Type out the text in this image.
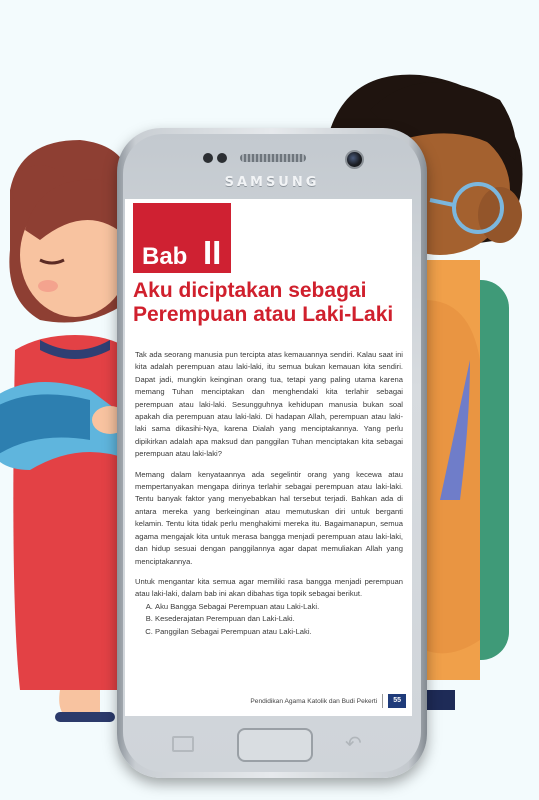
SAMSUNG
Bab II
Aku diciptakan sebagai Perempuan atau Laki-Laki

Tak ada seorang manusia pun tercipta atas kemauannya sendiri. Kalau saat ini kita adalah perempuan atau laki-laki, itu semua bukan kemauan kita sendiri. Dapat jadi, mungkin keinginan orang tua, tetapi yang paling utama karena memang Tuhan menciptakan dan menghendaki kita terlahir sebagai perempuan atau laki-laki. Sesungguhnya kehidupan manusia bukan soal apakah dia perempuan atau laki-laki. Di hadapan Allah, perempuan atau laki-laki sama dikasihi-Nya, karena Dialah yang menciptakannya. Yang perlu dipikirkan adalah apa maksud dan panggilan Tuhan menciptakan kita sebagai perempuan atau laki-laki?

Memang dalam kenyataannya ada segelintir orang yang kecewa atau mempertanyakan mengapa dirinya terlahir sebagai perempuan atau laki-laki. Tentu banyak faktor yang menyebabkan hal tersebut terjadi. Bahkan ada di antara mereka yang berkeinginan atau memutuskan diri untuk berganti kelamin. Tentu kita tidak perlu menghakimi mereka itu. Bagaimanapun, semua agama mengajak kita untuk merasa bangga menjadi perempuan atau laki-laki, dan hidup sesuai dengan panggilannya agar dapat memuliakan Allah yang menciptakannya.

Untuk mengantar kita semua agar memiliki rasa bangga menjadi perempuan atau laki-laki, dalam bab ini akan dibahas tiga topik sebagai berikut.

A. Aku Bangga Sebagai Perempuan atau Laki-Laki.
B. Kesederajatan Perempuan dan Laki-Laki.
C. Panggilan Sebagai Perempuan atau Laki-Laki.
Pendidikan Agama Katolik dan Budi Pekerti	55
↶
